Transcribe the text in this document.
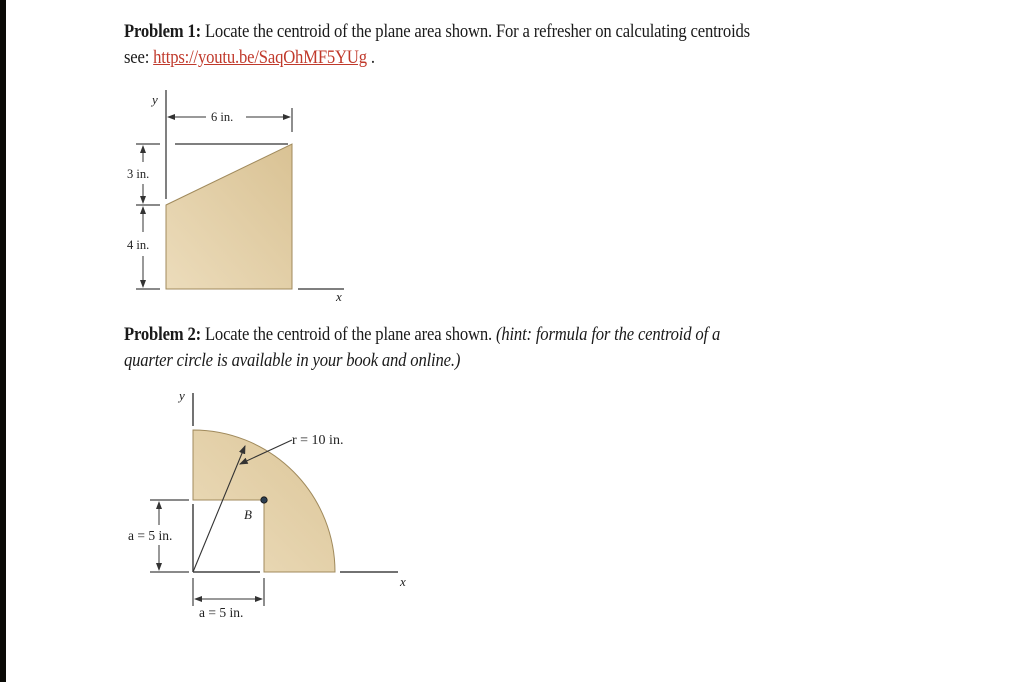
Problem 1: Locate the centroid of the plane area shown. For a refresher on calculating centroids
see: https://youtu.be/SaqOhMF5YUg .
y
6 in.
3 in.
4 in.
x
Problem 2: Locate the centroid of the plane area shown. (hint: formula for the centroid of a
quarter circle is available in your book and online.)
y
r = 10 in.
B
a = 5 in.
x
a = 5 in.
